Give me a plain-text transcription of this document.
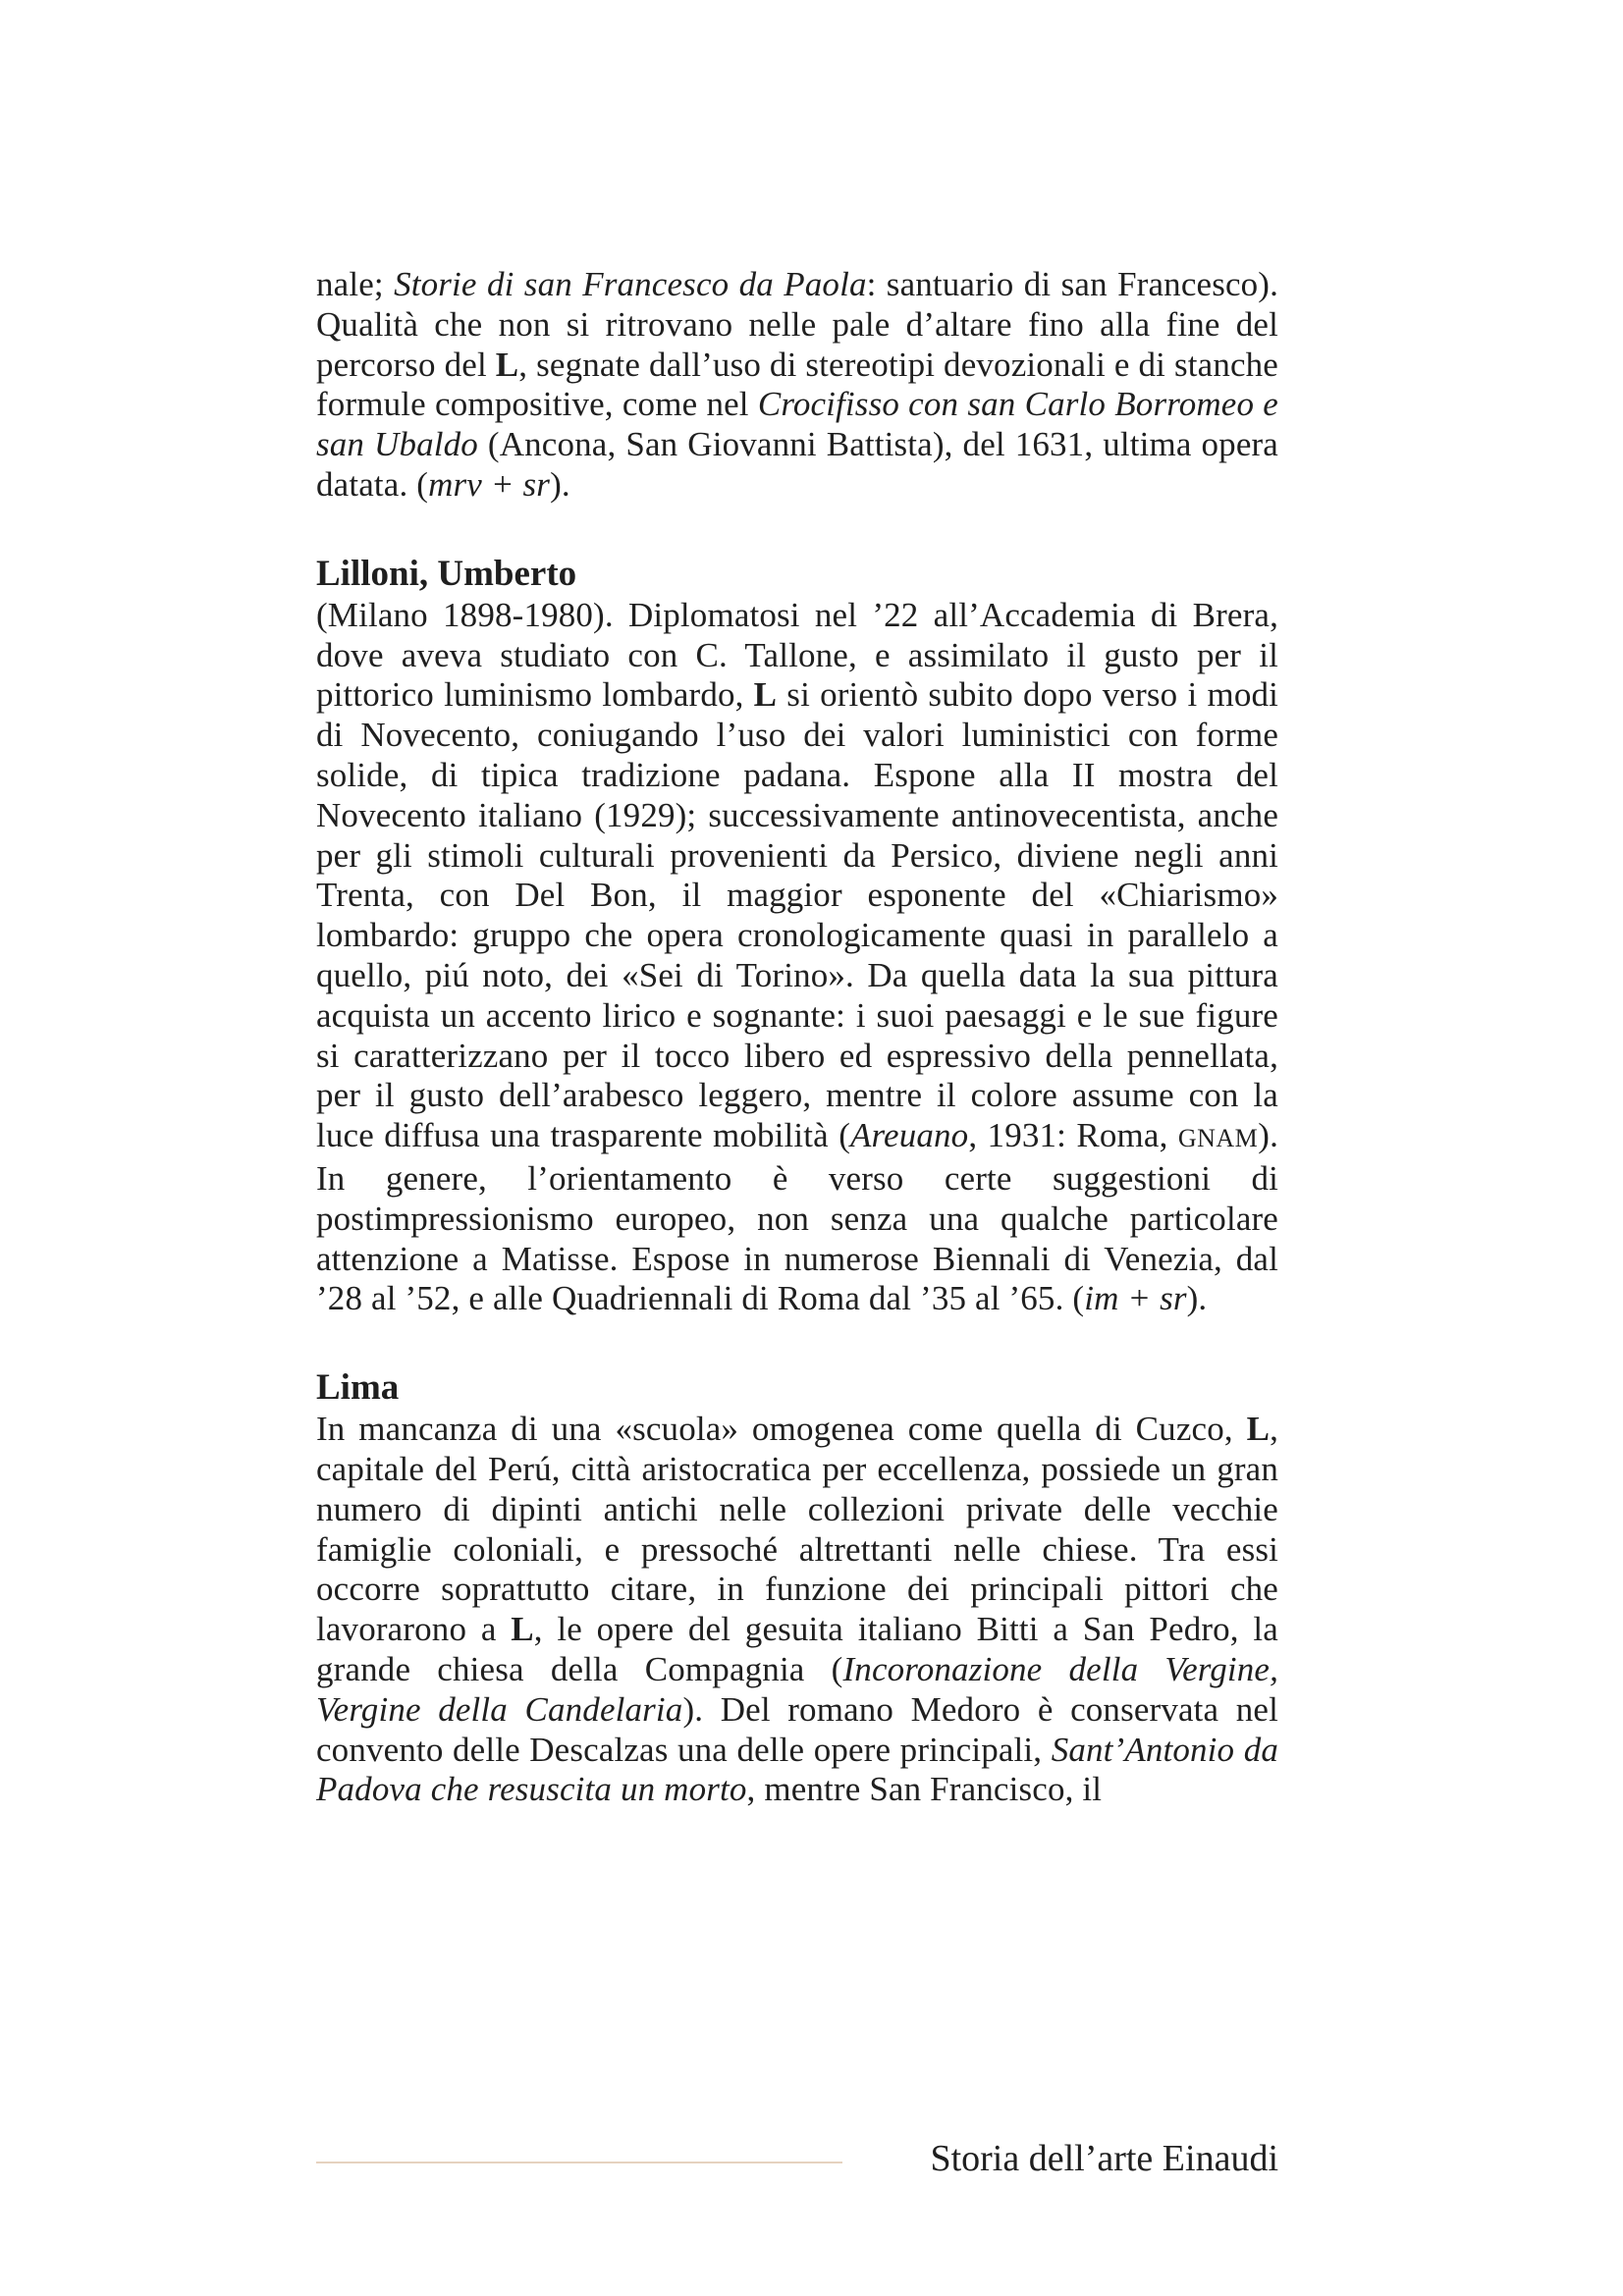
nale; Storie di san Francesco da Paola: santuario di san Francesco). Qualità che non si ritrovano nelle pale d’altare fino alla fine del percorso del L, segnate dall’uso di stereotipi devozionali e di stanche formule compositive, come nel Crocifisso con san Carlo Borromeo e san Ubaldo (Ancona, San Giovanni Battista), del 1631, ultima opera datata. (mrv + sr).

Lilloni, Umberto

(Milano 1898-1980). Diplomatosi nel ’22 all’Accademia di Brera, dove aveva studiato con C. Tallone, e assimilato il gusto per il pittorico luminismo lombardo, L si orientò subito dopo verso i modi di Novecento, coniugando l’uso dei valori luministici con forme solide, di tipica tradizione padana. Espone alla II mostra del Novecento italiano (1929); successivamente antinovecentista, anche per gli stimoli culturali provenienti da Persico, diviene negli anni Trenta, con Del Bon, il maggior esponente del «Chiarismo» lombardo: gruppo che opera cronologicamente quasi in parallelo a quello, piú noto, dei «Sei di Torino». Da quella data la sua pittura acquista un accento lirico e sognante: i suoi paesaggi e le sue figure si caratterizzano per il tocco libero ed espressivo della pennellata, per il gusto dell’arabesco leggero, mentre il colore assume con la luce diffusa una trasparente mobilità (Areuano, 1931: Roma, GNAM). In genere, l’orientamento è verso certe suggestioni di postimpressionismo europeo, non senza una qualche particolare attenzione a Matisse. Espose in numerose Biennali di Venezia, dal ’28 al ’52, e alle Quadriennali di Roma dal ’35 al ’65. (im + sr).

Lima

In mancanza di una «scuola» omogenea come quella di Cuzco, L, capitale del Perú, città aristocratica per eccellenza, possiede un gran numero di dipinti antichi nelle collezioni private delle vecchie famiglie coloniali, e pressoché altrettanti nelle chiese. Tra essi occorre soprattutto citare, in funzione dei principali pittori che lavorarono a L, le opere del gesuita italiano Bitti a San Pedro, la grande chiesa della Compagnia (Incoronazione della Vergine, Vergine della Candelaria). Del romano Medoro è conservata nel convento delle Descalzas una delle opere principali, Sant’Antonio da Padova che resuscita un morto, mentre San Francisco, il

Storia dell’arte Einaudi
